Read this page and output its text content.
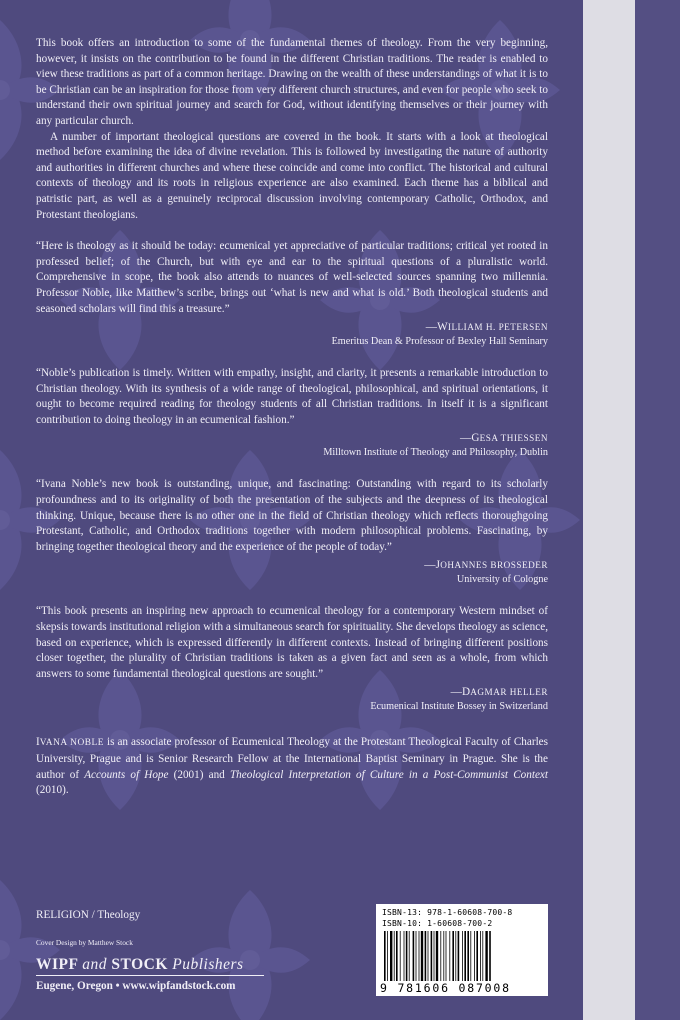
This book offers an introduction to some of the fundamental themes of theology. From the very beginning, however, it insists on the contribution to be found in the different Christian traditions. The reader is enabled to view these traditions as part of a common heritage. Drawing on the wealth of these understandings of what it is to be Christian can be an inspiration for those from very different church structures, and even for people who seek to understand their own spiritual journey and search for God, without identifying themselves or their journey with any particular church.

A number of important theological questions are covered in the book. It starts with a look at theological method before examining the idea of divine revelation. This is followed by investigating the nature of authority and authorities in different churches and where these coincide and come into conflict. The historical and cultural contexts of theology and its roots in religious experience are also examined. Each theme has a biblical and patristic part, as well as a genuinely reciprocal discussion involving contemporary Catholic, Orthodox, and Protestant theologians.

“Here is theology as it should be today: ecumenical yet appreciative of particular traditions; critical yet rooted in professed belief; of the Church, but with eye and ear to the spiritual questions of a pluralistic world. Comprehensive in scope, the book also attends to nuances of well-selected sources spanning two millennia. Professor Noble, like Matthew’s scribe, brings out ‘what is new and what is old.’ Both theological students and seasoned scholars will find this a treasure.”

—WILLIAM H. PETERSEN
Emeritus Dean & Professor of Bexley Hall Seminary

“Noble’s publication is timely. Written with empathy, insight, and clarity, it presents a remarkable introduction to Christian theology. With its synthesis of a wide range of theological, philosophical, and spiritual orientations, it ought to become required reading for theology students of all Christian traditions. In itself it is a significant contribution to doing theology in an ecumenical fashion.”

—GESA THIESSEN
Milltown Institute of Theology and Philosophy, Dublin

“Ivana Noble’s new book is outstanding, unique, and fascinating: Outstanding with regard to its scholarly profoundness and to its originality of both the presentation of the subjects and the deepness of its theological thinking. Unique, because there is no other one in the field of Christian theology which reflects thoroughgoing Protestant, Catholic, and Orthodox traditions together with modern philosophical problems. Fascinating, by bringing together theological theory and the experience of the people of today.”

—JOHANNES BROSSEDER
University of Cologne

“This book presents an inspiring new approach to ecumenical theology for a contemporary Western mindset of skepsis towards institutional religion with a simultaneous search for spirituality. She develops theology as science, based on experience, which is expressed differently in different contexts. Instead of bringing different positions closer together, the plurality of Christian traditions is taken as a given fact and seen as a whole, from which answers to some fundamental theological questions are sought.”

—DAGMAR HELLER
Ecumenical Institute Bossey in Switzerland

IVANA NOBLE is an associate professor of Ecumenical Theology at the Protestant Theological Faculty of Charles University, Prague and is Senior Research Fellow at the International Baptist Seminary in Prague. She is the author of Accounts of Hope (2001) and Theological Interpretation of Culture in a Post-Communist Context (2010).

RELIGION / Theology
Cover Design by Matthew Stock
WIPF and STOCK Publishers
Eugene, Oregon • www.wipfandstock.com
ISBN-13: 978-1-60608-700-8
ISBN-10: 1-60608-700-2
9 781606 087008
